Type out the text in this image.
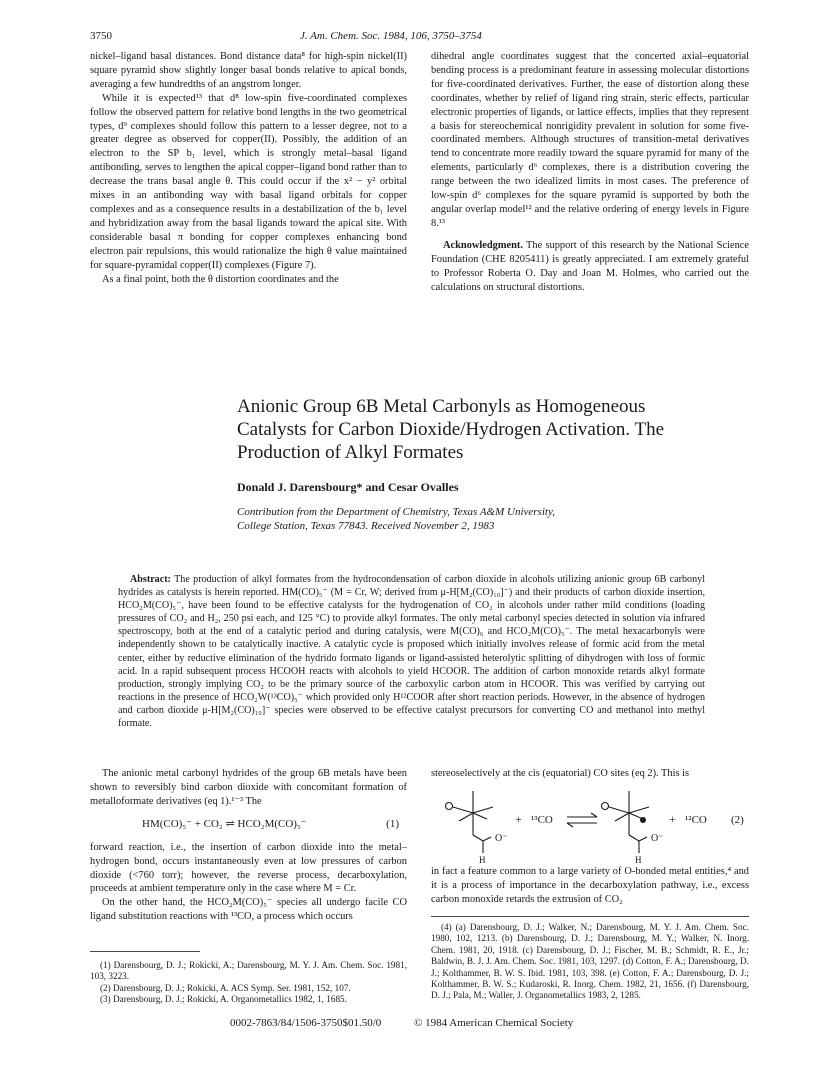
3750	J. Am. Chem. Soc. 1984, 106, 3750–3754

nickel–ligand basal distances. Bond distance data⁸ for high-spin nickel(II) square pyramid show slightly longer basal bonds relative to apical bonds, averaging a few hundredths of an angstrom longer.

While it is expected¹³ that d⁸ low-spin five-coordinated complexes follow the observed pattern for relative bond lengths in the two geometrical types, d⁹ complexes should follow this pattern to a lesser degree, not to a greater degree as observed for copper(II). Possibly, the addition of an electron to the SP b₁ level, which is strongly metal–basal ligand antibonding, serves to lengthen the apical copper–ligand bond rather than to decrease the trans basal angle θ. This could occur if the x² − y² orbital mixes in an antibonding way with basal ligand orbitals for copper complexes and as a consequence results in a destabilization of the b₁ level and hybridization away from the basal ligands toward the apical site. With considerable basal π bonding for copper complexes enhancing bond electron pair repulsions, this would rationalize the high θ value maintained for square-pyramidal copper(II) complexes (Figure 7).

As a final point, both the θ distortion coordinates and the

dihedral angle coordinates suggest that the concerted axial–equatorial bending process is a predominant feature in assessing molecular distortions for five-coordinated derivatives. Further, the ease of distortion along these coordinates, whether by relief of ligand ring strain, steric effects, particular electronic properties of ligands, or lattice effects, implies that they represent a basis for stereochemical nonrigidity prevalent in solution for some five-coordinated members. Although structures of transition-metal derivatives tend to concentrate more readily toward the square pyramid for many of the elements, particularly d⁶ complexes, there is a distribution covering the range between the two idealized limits in most cases. The preference of low-spin d⁶ complexes for the square pyramid is supported by both the angular overlap model¹² and the relative ordering of energy levels in Figure 8.¹³

Acknowledgment. The support of this research by the National Science Foundation (CHE 8205411) is greatly appreciated. I am extremely grateful to Professor Roberta O. Day and Joan M. Holmes, who carried out the calculations on structural distortions.

Anionic Group 6B Metal Carbonyls as Homogeneous Catalysts for Carbon Dioxide/Hydrogen Activation. The Production of Alkyl Formates
Donald J. Darensbourg* and Cesar Ovalles
Contribution from the Department of Chemistry, Texas A&M University,
College Station, Texas 77843. Received November 2, 1983

Abstract: The production of alkyl formates from the hydrocondensation of carbon dioxide in alcohols utilizing anionic group 6B carbonyl hydrides as catalysts is herein reported. HM(CO)₅⁻ (M = Cr, W; derived from μ-H[M₂(CO)₁₀]⁻) and their products of carbon dioxide insertion, HCO₂M(CO)₅⁻, have been found to be effective catalysts for the hydrogenation of CO₂ in alcohols under rather mild conditions (loading pressures of CO₂ and H₂, 250 psi each, and 125 °C) to provide alkyl formates. The only metal carbonyl species detected in solution via infrared spectroscopy, both at the end of a catalytic period and during catalysis, were M(CO)₆ and HCO₂M(CO)₅⁻. The metal hexacarbonyls were independently shown to be catalytically inactive. A catalytic cycle is proposed which initially involves release of formic acid from the metal center, either by reductive elimination of the hydrido formato ligands or ligand-assisted heterolytic splitting of dihydrogen with loss of formic acid. In a rapid subsequent process HCOOH reacts with alcohols to yield HCOOR. The addition of carbon monoxide retards alkyl formate production, strongly implying CO₂ to be the primary source of the carboxylic carbon atom in HCOOR. This was verified by carrying out reactions in the presence of HCO₂W(¹³CO)₅⁻ which provided only H¹²COOR after short reaction periods. However, in the absence of hydrogen and carbon dioxide μ-H[M₂(CO)₁₀]⁻ species were observed to be effective catalyst precursors for converting CO and methanol into methyl formate.

The anionic metal carbonyl hydrides of the group 6B metals have been shown to reversibly bind carbon dioxide with concomitant formation of metalloformate derivatives (eq 1).¹⁻³ The

HM(CO)₅⁻ + CO₂ ⇌ HCO₂M(CO)₅⁻	(1)

forward reaction, i.e., the insertion of carbon dioxide into the metal–hydrogen bond, occurs instantaneously even at low pressures of carbon dioxide (<760 torr); however, the reverse process, decarboxylation, proceeds at ambient temperature only in the case where M = Cr.

On the other hand, the HCO₂M(CO)₅⁻ species all undergo facile CO ligand substitution reactions with ¹³CO, a process which occurs

(1) Darensbourg, D. J.; Rokicki, A.; Darensbourg, M. Y. J. Am. Chem. Soc. 1981, 103, 3223.

(2) Darensbourg, D. J.; Rokicki, A. ACS Symp. Ser. 1981, 152, 107.

(3) Darensbourg, D. J.; Rokicki, A. Organometallics 1982, 1, 1685.

stereoselectively at the cis (equatorial) CO sites (eq 2). This is

O⁻	O⁻
H	H
+ ¹³CO	+ ¹²CO (2)

in fact a feature common to a large variety of O-bonded metal entities,⁴ and it is a process of importance in the decarboxylation pathway, i.e., excess carbon monoxide retards the extrusion of CO₂

(4) (a) Darensbourg, D. J.; Walker, N.; Darensbourg, M. Y. J. Am. Chem. Soc. 1980, 102, 1213. (b) Darensbourg, D. J.; Darensbourg, M. Y.; Walker, N. Inorg. Chem. 1981, 20, 1918. (c) Darensbourg, D. J.; Fischer, M. B.; Schmidt, R. E., Jr.; Baldwin, B. J. J. Am. Chem. Soc. 1981, 103, 1297. (d) Cotton, F. A.; Darensbourg, D. J.; Kolthammer, B. W. S. Ibid. 1981, 103, 398. (e) Cotton, F. A.; Darensbourg, D. J.; Kolthammer, B. W. S.; Kudaroski, R. Inorg. Chem. 1982, 21, 1656. (f) Darensbourg, D. J.; Pala, M.; Waller, J. Organometallics 1983, 2, 1285.

0002-7863/84/1506-3750$01.50/0	© 1984 American Chemical Society
